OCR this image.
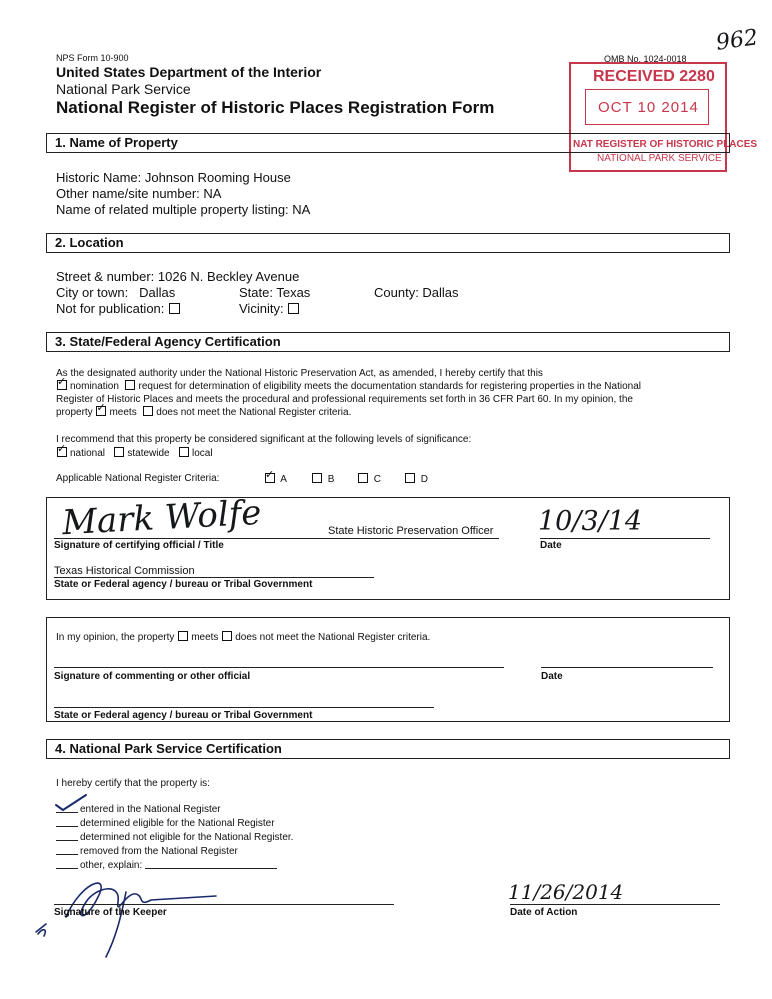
NPS Form 10-900	OMB No. 1024-0018
962
United States Department of the Interior
National Park Service
National Register of Historic Places Registration Form
RECEIVED 2280
OCT 10 2014
NAT REGISTER OF HISTORIC PLACES
NATIONAL PARK SERVICE
1. Name of Property
Historic Name: Johnson Rooming House
Other name/site number: NA
Name of related multiple property listing: NA
2. Location
Street & number: 1026 N. Beckley Avenue
City or town:   Dallas	State: Texas	County: Dallas
Not for publication:	Vicinity:
3. State/Federal Agency Certification

As the designated authority under the National Historic Preservation Act, as amended, I hereby certify that this

✓nomination request for determination of eligibility meets the documentation standards for registering properties in the National

Register of Historic Places and meets the procedural and professional requirements set forth in 36 CFR Part 60. In my opinion, the

property ✓ meets does not meet the National Register criteria.

I recommend that this property be considered significant at the following levels of significance:
✓national statewide local
Applicable National Register Criteria: ✓	A	B	C	D
Mark Wolfe	State Historic Preservation Officer 10/3/14
Signature of certifying official / Title	Date
Texas Historical Commission
State or Federal agency / bureau or Tribal Government
In my opinion, the property meets does not meet the National Register criteria.
Signature of commenting or other official	Date
State or Federal agency / bureau or Tribal Government
4. National Park Service Certification
I hereby certify that the property is:

entered in the National Register

determined eligible for the National Register

determined not eligible for the National Register.

removed from the National Register

other, explain:

Signature of the Keeper
11/26/2014
Date of Action
